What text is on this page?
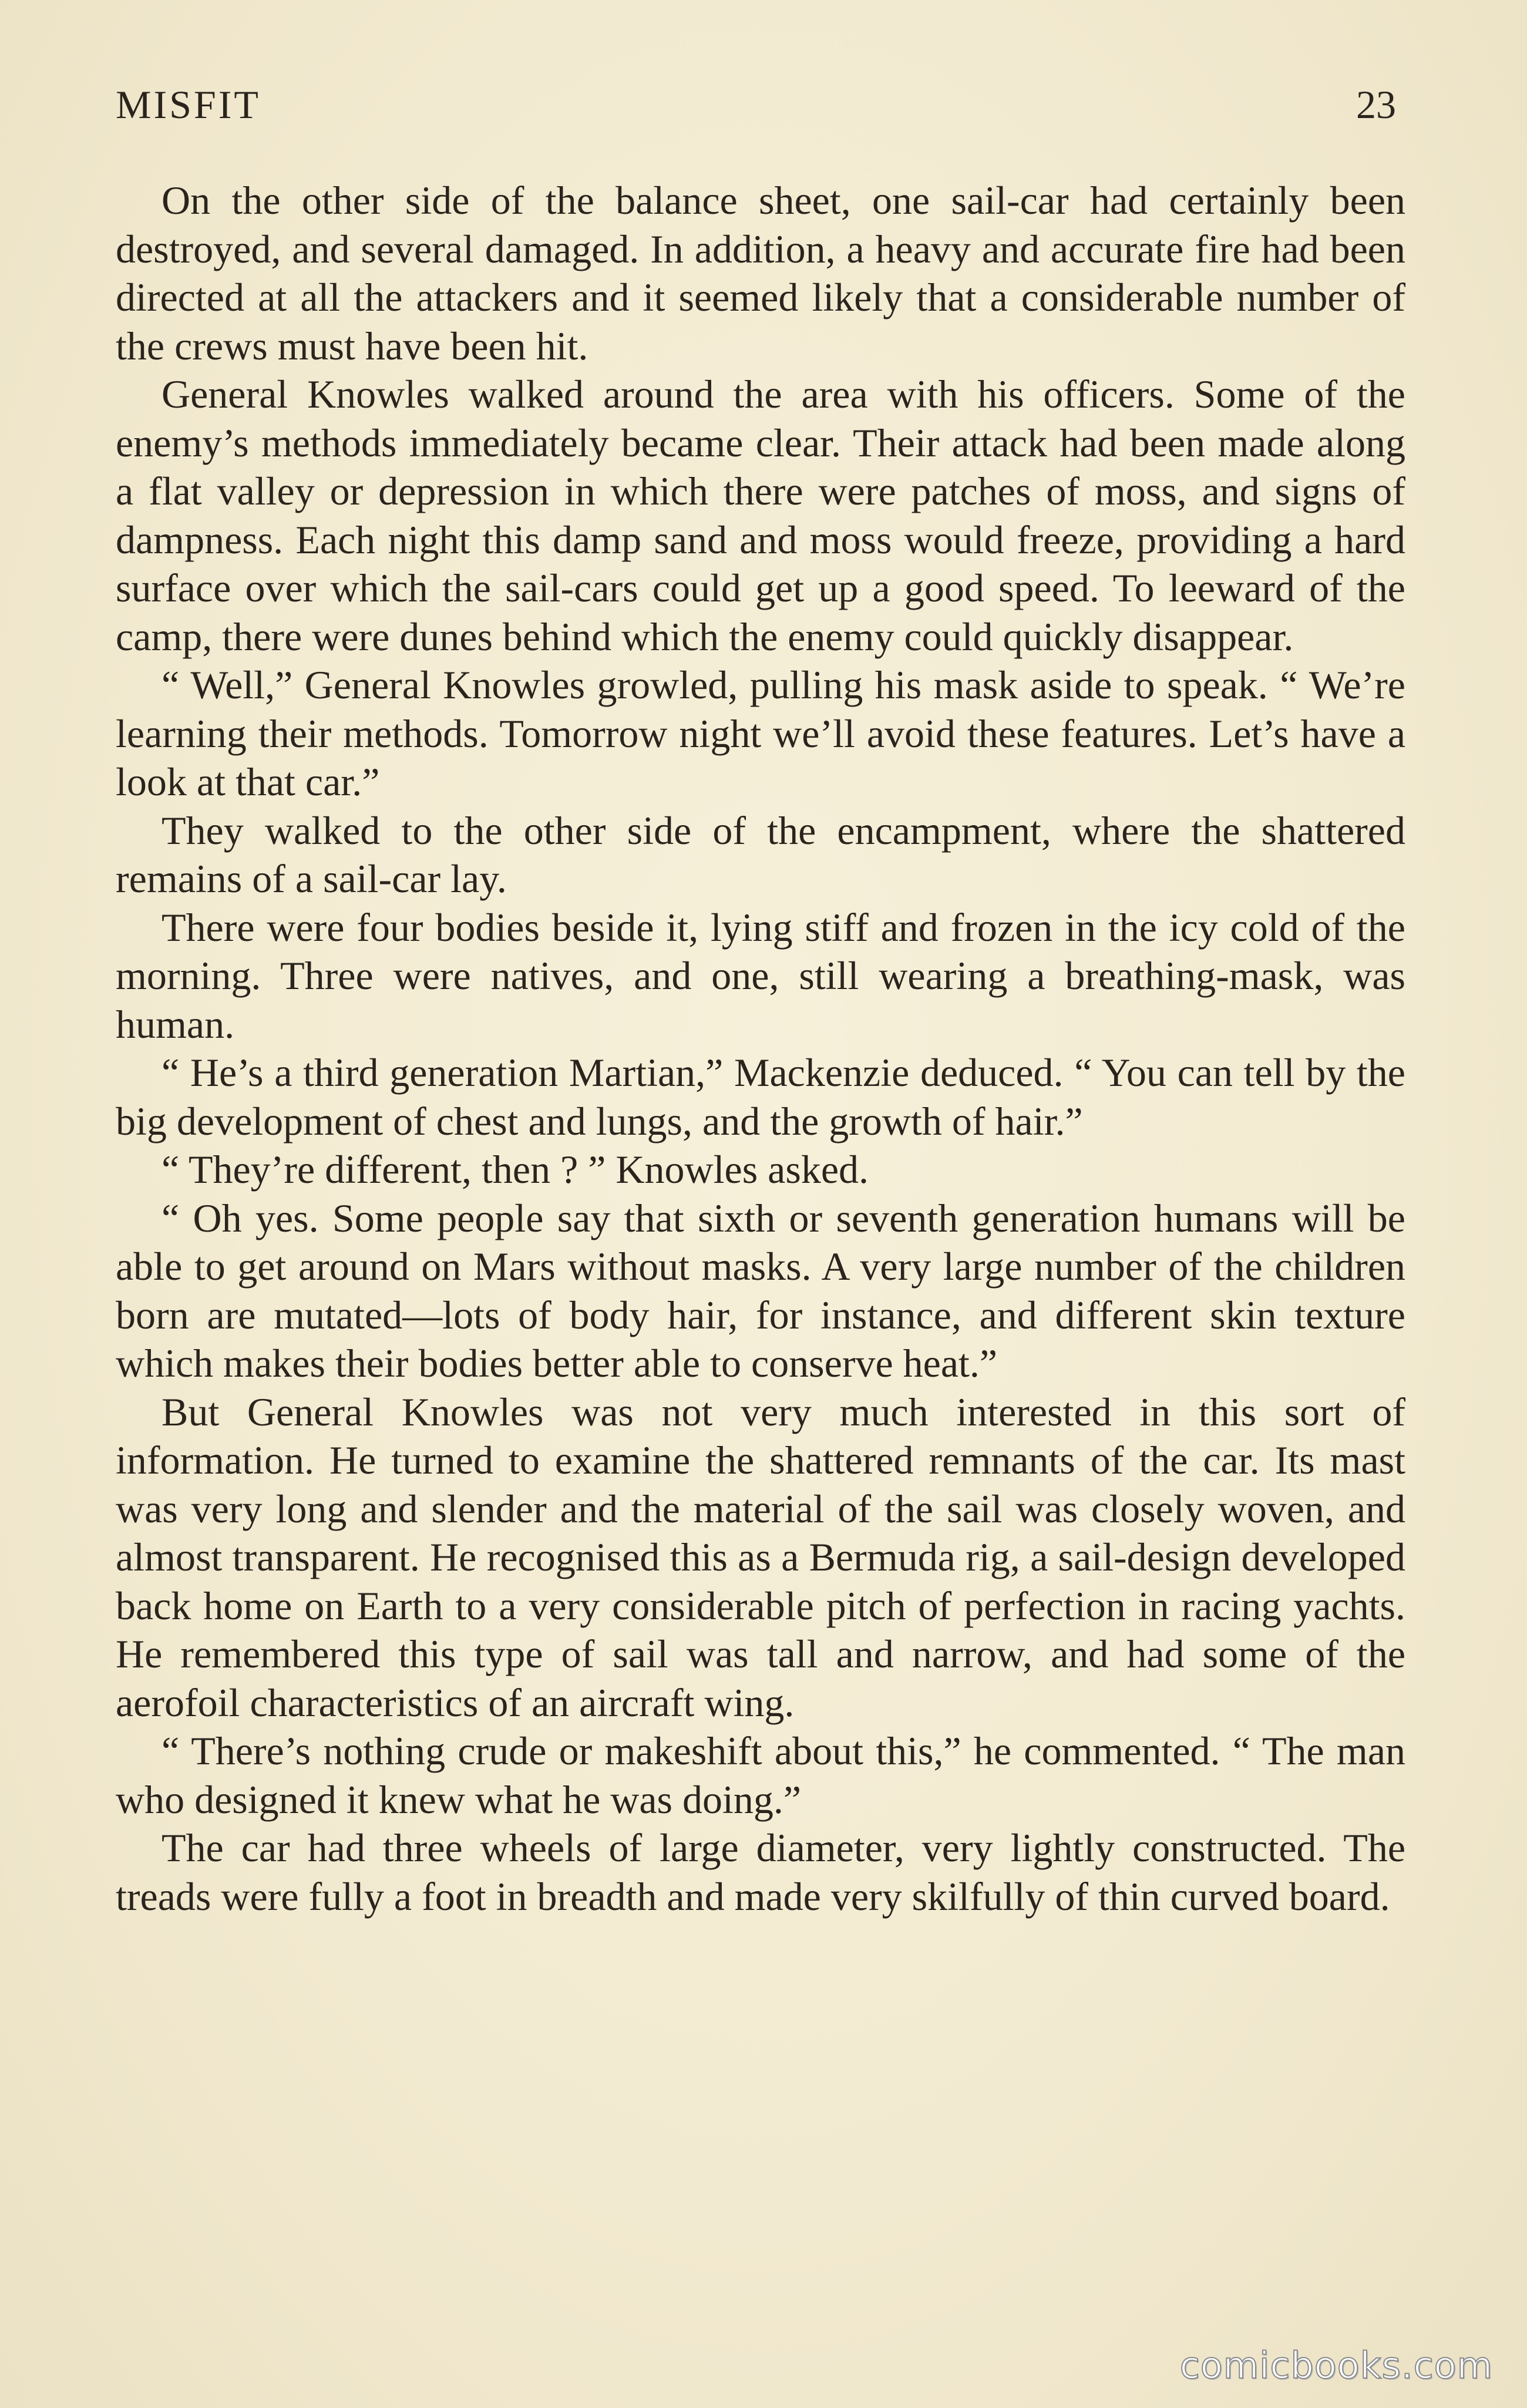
MISFIT	23

On the other side of the balance sheet, one sail-car had certainly been destroyed, and several damaged. In addition, a heavy and accurate fire had been directed at all the attackers and it seemed likely that a considerable number of the crews must have been hit.

General Knowles walked around the area with his officers. Some of the enemy’s methods immediately became clear. Their attack had been made along a flat valley or depression in which there were patches of moss, and signs of dampness. Each night this damp sand and moss would freeze, providing a hard surface over which the sail-cars could get up a good speed. To leeward of the camp, there were dunes behind which the enemy could quickly disappear.

“ Well,” General Knowles growled, pulling his mask aside to speak. “ We’re learning their methods. Tomorrow night we’ll avoid these features. Let’s have a look at that car.”

They walked to the other side of the encampment, where the shattered remains of a sail-car lay.

There were four bodies beside it, lying stiff and frozen in the icy cold of the morning. Three were natives, and one, still wearing a breathing-mask, was human.

“ He’s a third generation Martian,” Mackenzie deduced. “ You can tell by the big development of chest and lungs, and the growth of hair.”

“ They’re different, then ? ” Knowles asked.

“ Oh yes. Some people say that sixth or seventh generation humans will be able to get around on Mars without masks. A very large number of the children born are mutated—lots of body hair, for instance, and different skin texture which makes their bodies better able to conserve heat.”

But General Knowles was not very much interested in this sort of information. He turned to examine the shattered remnants of the car. Its mast was very long and slender and the material of the sail was closely woven, and almost transparent. He recognised this as a Bermuda rig, a sail-design developed back home on Earth to a very considerable pitch of perfection in racing yachts. He remembered this type of sail was tall and narrow, and had some of the aerofoil characteristics of an aircraft wing.

“ There’s nothing crude or makeshift about this,” he commented. “ The man who designed it knew what he was doing.”

The car had three wheels of large diameter, very lightly constructed. The treads were fully a foot in breadth and made very skilfully of thin curved board.

comicbooks.com
